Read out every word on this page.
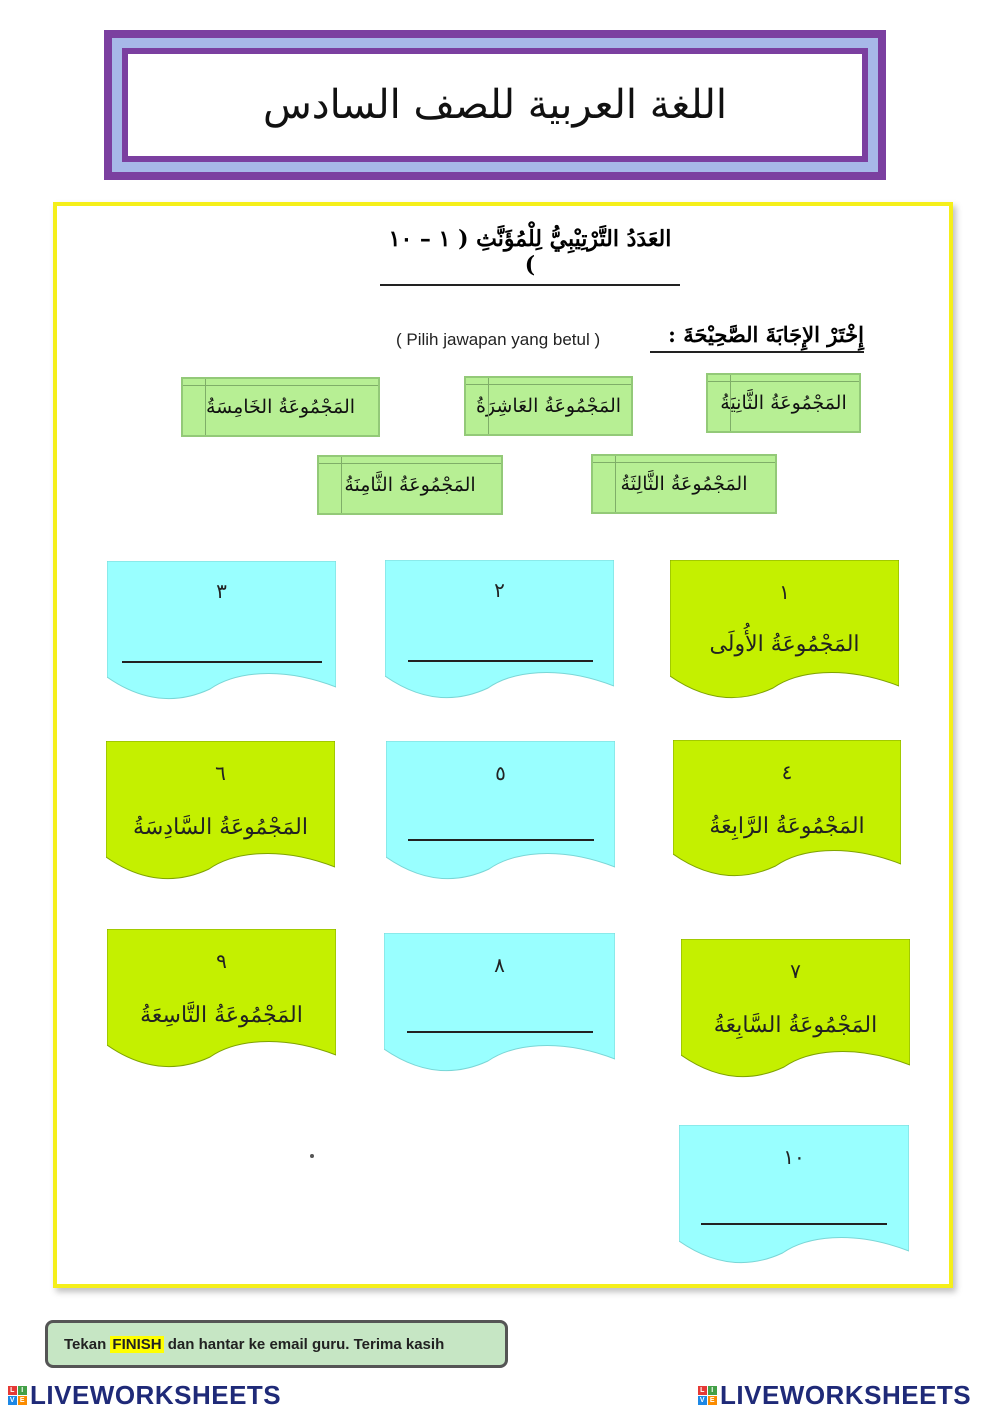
اللغة العربية للصف السادس
العَدَدُ التَّرْتِيْبِيُّ لِلْمُؤَنَّثِ ( ١ – ١٠ )
إِخْتَرْ الإِجَابَةَ الصَّحِيْحَةَ :
( Pilih jawapan yang betul )
المَجْمُوعَةُ الخَامِسَةُ	المَجْمُوعَةُ العَاشِرَةُ	المَجْمُوعَةُ الثَّانِيَةُ
المَجْمُوعَةُ الثَّامِنَةُ	المَجْمُوعَةُ الثَّالِثَةُ
١
المَجْمُوعَةُ الأُولَى
٢
٣
٤
المَجْمُوعَةُ الرَّابِعَةُ
٥
٦
المَجْمُوعَةُ السَّادِسَةُ
٧
المَجْمُوعَةُ السَّابِعَةُ
٨
٩
المَجْمُوعَةُ التَّاسِعَةُ
١٠
Tekan FINISH dan hantar ke email guru. Terima kasih
L I
V E LIVEWORKSHEETS	L I
V E LIVEWORKSHEETS
